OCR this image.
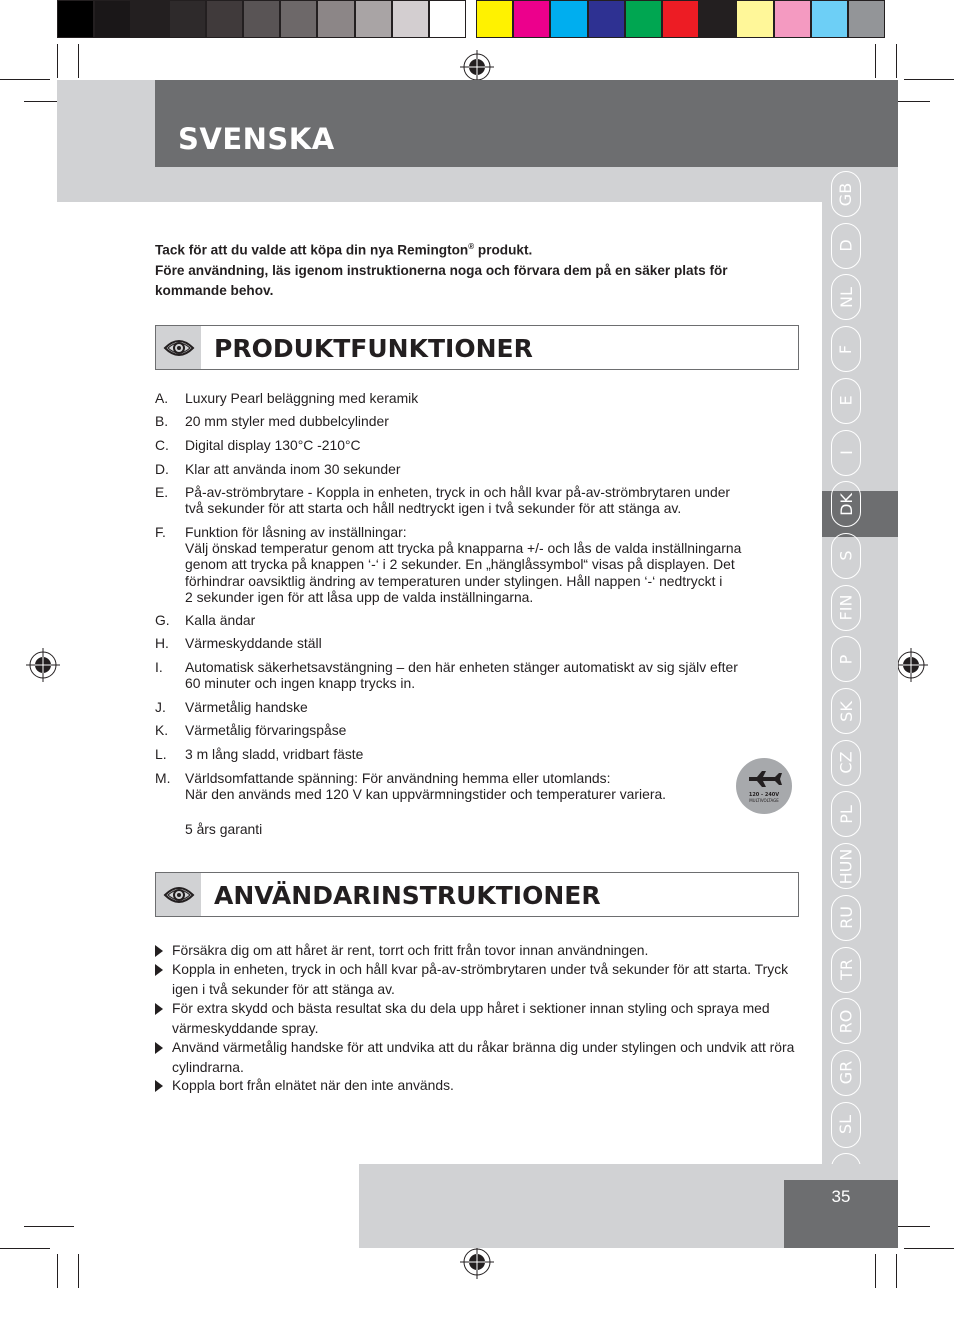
SVENSKA
GB
D
NL
F
E
I
DK
S
FIN
P
SK
CZ
PL
HUN
RU
TR
RO
GR
SL
Tack för att du valde att köpa din nya Remington® produkt.
Före användning, läs igenom instruktionerna noga och förvara dem på en säker plats för kommande behov.
PRODUKTFUNKTIONER
A. Luxury Pearl beläggning med keramik
B. 20 mm styler med dubbelcylinder
C. Digital display 130°C -210°C
D. Klar att använda inom 30 sekunder
E. På-av-strömbrytare - Koppla in enheten, tryck in och håll kvar på-av-strömbrytaren under
två sekunder för att starta och håll nedtryckt igen i två sekunder för att stänga av.
F. Funktion för låsning av inställningar:
Välj önskad temperatur genom att trycka på knapparna +/- och lås de valda inställningarna
genom att trycka på knappen ‘-‘ i 2 sekunder. En „hänglåssymbol“ visas på displayen. Det
förhindrar oavsiktlig ändring av temperaturen under stylingen. Håll nappen ‘-‘ nedtryckt i
2 sekunder igen för att låsa upp de valda inställningarna.
G. Kalla ändar
H. Värmeskyddande ställ
I. Automatisk säkerhetsavstängning – den här enheten stänger automatiskt av sig själv efter
60 minuter och ingen knapp trycks in.
J. Värmetålig handske
K. Värmetålig förvaringspåse
L. 3 m lång sladd, vridbart fäste
M. Världsomfattande spänning: För användning hemma eller utomlands:
När den används med 120 V kan uppvärmningstider och temperaturer variera.
5 års garanti
120 - 240V
MULTIVOLTAGE
ANVÄNDARINSTRUKTIONER
Försäkra dig om att håret är rent, torrt och fritt från tovor innan användningen.
Koppla in enheten, tryck in och håll kvar på-av-strömbrytaren under två sekunder för att starta. Tryck igen i två sekunder för att stänga av.
För extra skydd och bästa resultat ska du dela upp håret i sektioner innan styling och spraya med värmeskyddande spray.
Använd värmetålig handske för att undvika att du råkar bränna dig under stylingen och undvik att röra cylindrarna.
Koppla bort från elnätet när den inte används.
35
